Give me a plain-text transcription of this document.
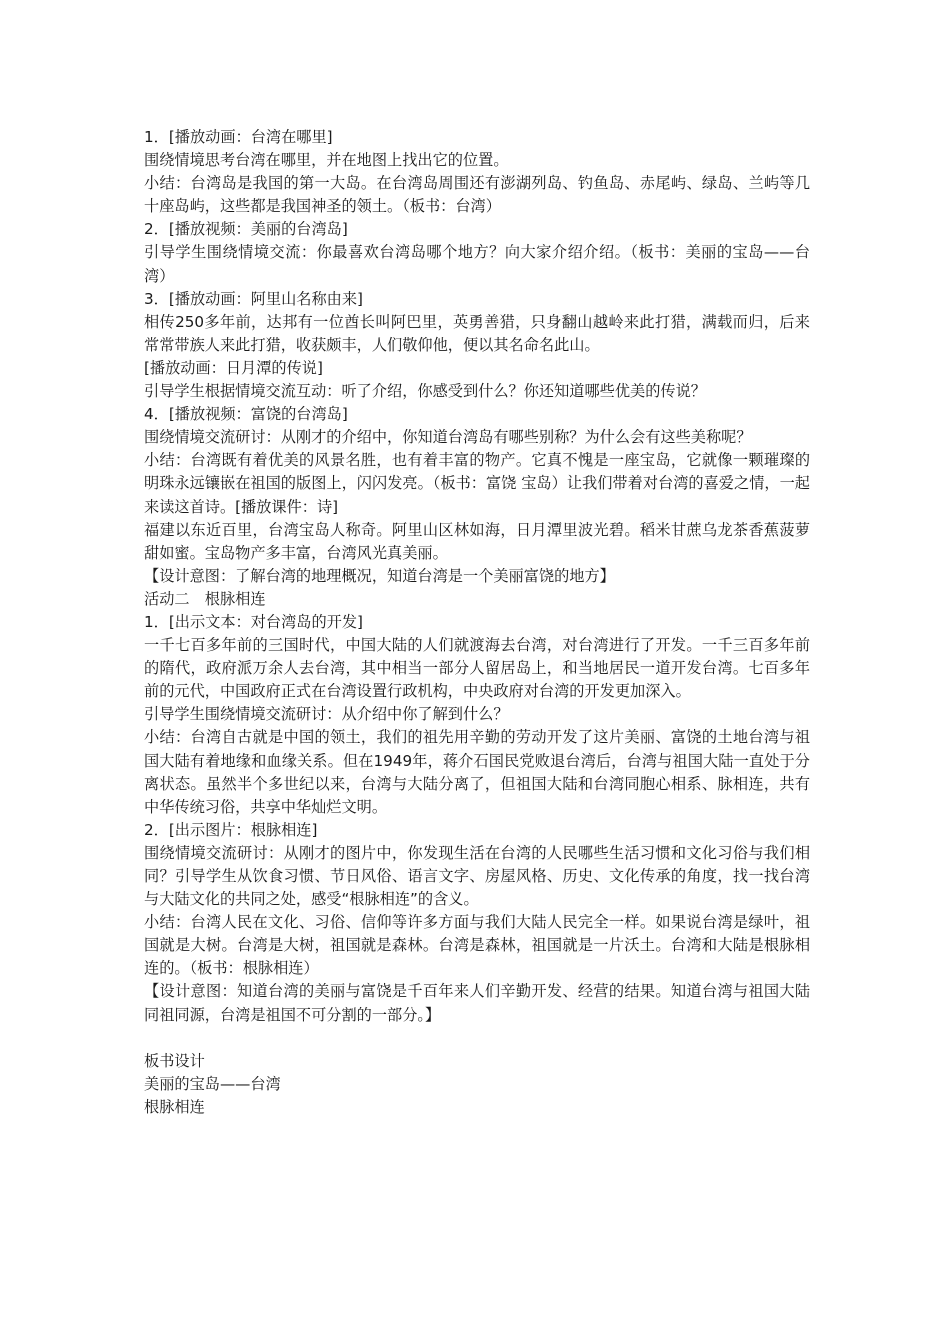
1．[播放动画：台湾在哪里]

围绕情境思考台湾在哪里，并在地图上找出它的位置。

小结：台湾岛是我国的第一大岛。在台湾岛周围还有澎湖列岛、钓鱼岛、赤尾屿、绿岛、兰屿等几十座岛屿，这些都是我国神圣的领土。（板书：台湾）

2．[播放视频：美丽的台湾岛]

引导学生围绕情境交流：你最喜欢台湾岛哪个地方？向大家介绍介绍。（板书：美丽的宝岛——台湾）

3．[播放动画：阿里山名称由来]

相传250多年前，达邦有一位酋长叫阿巴里，英勇善猎，只身翻山越岭来此打猎，满载而归，后来常常带族人来此打猎，收获颇丰，人们敬仰他，便以其名命名此山。

[播放动画：日月潭的传说]

引导学生根据情境交流互动：听了介绍，你感受到什么？你还知道哪些优美的传说？

4．[播放视频：富饶的台湾岛]

围绕情境交流研讨：从刚才的介绍中，你知道台湾岛有哪些别称？为什么会有这些美称呢？

小结：台湾既有着优美的风景名胜，也有着丰富的物产。它真不愧是一座宝岛，它就像一颗璀璨的明珠永远镶嵌在祖国的版图上，闪闪发亮。（板书：富饶 宝岛）让我们带着对台湾的喜爱之情，一起来读这首诗。[播放课件：诗]

福建以东近百里，台湾宝岛人称奇。阿里山区林如海，日月潭里波光碧。稻米甘蔗乌龙茶香蕉菠萝甜如蜜。宝岛物产多丰富，台湾风光真美丽。

【设计意图：了解台湾的地理概况，知道台湾是一个美丽富饶的地方】

活动二　根脉相连

1．[出示文本：对台湾岛的开发]

一千七百多年前的三国时代，中国大陆的人们就渡海去台湾，对台湾进行了开发。一千三百多年前的隋代，政府派万余人去台湾，其中相当一部分人留居岛上，和当地居民一道开发台湾。七百多年前的元代，中国政府正式在台湾设置行政机构，中央政府对台湾的开发更加深入。

引导学生围绕情境交流研讨：从介绍中你了解到什么？

小结：台湾自古就是中国的领土，我们的祖先用辛勤的劳动开发了这片美丽、富饶的土地台湾与祖国大陆有着地缘和血缘关系。但在1949年，蒋介石国民党败退台湾后，台湾与祖国大陆一直处于分离状态。虽然半个多世纪以来，台湾与大陆分离了，但祖国大陆和台湾同胞心相系、脉相连，共有中华传统习俗，共享中华灿烂文明。

2．[出示图片：根脉相连]

围绕情境交流研讨：从刚才的图片中，你发现生活在台湾的人民哪些生活习惯和文化习俗与我们相同？引导学生从饮食习惯、节日风俗、语言文字、房屋风格、历史、文化传承的角度，找一找台湾与大陆文化的共同之处，感受“根脉相连”的含义。

小结：台湾人民在文化、习俗、信仰等许多方面与我们大陆人民完全一样。如果说台湾是绿叶，祖国就是大树。台湾是大树，祖国就是森林。台湾是森林，祖国就是一片沃土。台湾和大陆是根脉相连的。（板书：根脉相连）

【设计意图：知道台湾的美丽与富饶是千百年来人们辛勤开发、经营的结果。知道台湾与祖国大陆同祖同源，台湾是祖国不可分割的一部分。】

板书设计

美丽的宝岛——台湾

根脉相连
